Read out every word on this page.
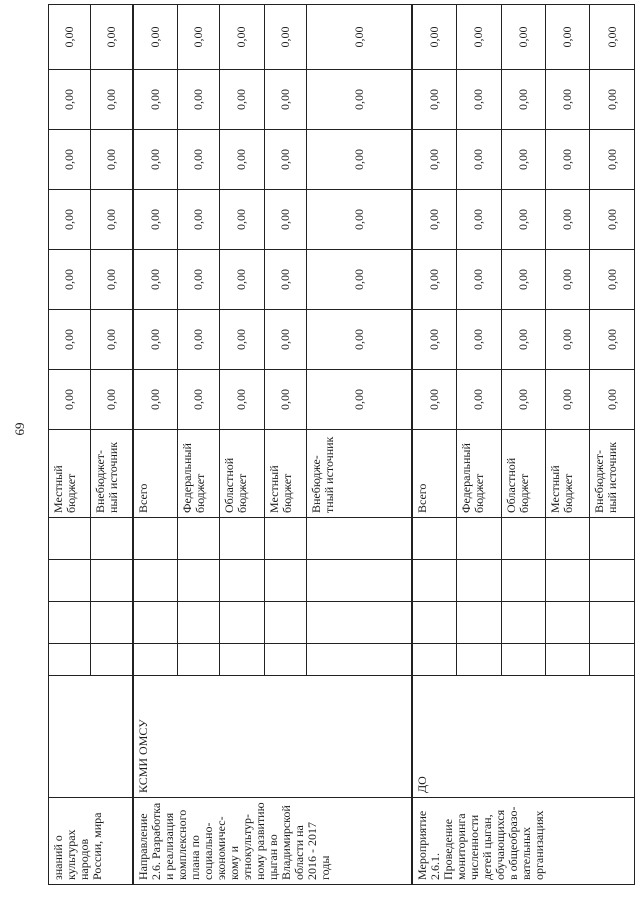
69
знаний о культурах народов России, мира						Местный бюджет	0,00	0,00	0,00	0,00	0,00	0,00	0,00
						Внебюджет-ный источник	0,00	0,00	0,00	0,00	0,00	0,00	0,00
Направление 2.6. Разработка и реализация комплексного плана по социально-экономичес-кому и этнокультур-ному развитию цыган во Владимирской области на 2016 - 2017 годы	КСМИ ОМСУ					Всего	0,00	0,00	0,00	0,00	0,00	0,00	0,00
						Федеральный бюджет	0,00	0,00	0,00	0,00	0,00	0,00	0,00
						Областной бюджет	0,00	0,00	0,00	0,00	0,00	0,00	0,00
						Местный бюджет	0,00	0,00	0,00	0,00	0,00	0,00	0,00
						Внебюдже-тный источник	0,00	0,00	0,00	0,00	0,00	0,00	0,00
Мероприятие 2.6.1. Проведение мониторинга численности детей цыган, обучающихся в общеобразо-вательных организациях	ДО					Всего	0,00	0,00	0,00	0,00	0,00	0,00	0,00
						Федеральный бюджет	0,00	0,00	0,00	0,00	0,00	0,00	0,00
						Областной бюджет	0,00	0,00	0,00	0,00	0,00	0,00	0,00
						Местный бюджет	0,00	0,00	0,00	0,00	0,00	0,00	0,00
						Внебюджет-ный источник	0,00	0,00	0,00	0,00	0,00	0,00	0,00
